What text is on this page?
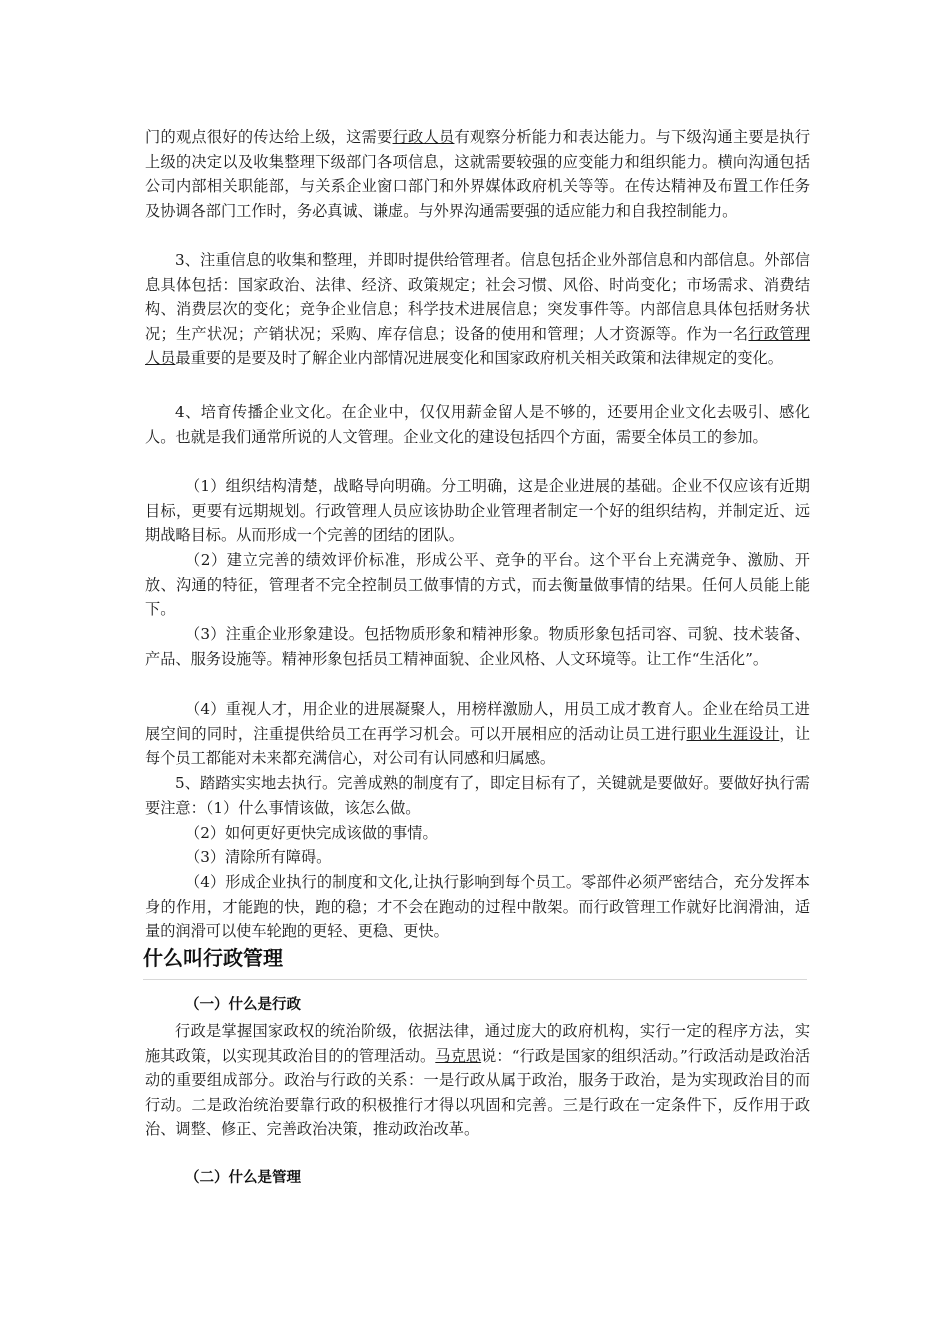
门的观点很好的传达给上级，这需要行政人员有观察分析能力和表达能力。与下级沟通主要是执行上级的决定以及收集整理下级部门各项信息，这就需要较强的应变能力和组织能力。横向沟通包括公司内部相关职能部，与关系企业窗口部门和外界媒体政府机关等等。在传达精神及布置工作任务及协调各部门工作时，务必真诚、谦虚。与外界沟通需要强的适应能力和自我控制能力。

3、注重信息的收集和整理，并即时提供给管理者。信息包括企业外部信息和内部信息。外部信息具体包括：国家政治、法律、经济、政策规定；社会习惯、风俗、时尚变化；市场需求、消费结构、消费层次的变化；竞争企业信息；科学技术进展信息；突发事件等。内部信息具体包括财务状况；生产状况；产销状况；采购、库存信息；设备的使用和管理；人才资源等。作为一名行政管理人员最重要的是要及时了解企业内部情况进展变化和国家政府机关相关政策和法律规定的变化。

4、培育传播企业文化。在企业中，仅仅用薪金留人是不够的，还要用企业文化去吸引、感化人。也就是我们通常所说的人文管理。企业文化的建设包括四个方面，需要全体员工的参加。

（1）组织结构清楚，战略导向明确。分工明确，这是企业进展的基础。企业不仅应该有近期目标，更要有远期规划。行政管理人员应该协助企业管理者制定一个好的组织结构，并制定近、远期战略目标。从而形成一个完善的团结的团队。

（2）建立完善的绩效评价标准，形成公平、竞争的平台。这个平台上充满竞争、激励、开放、沟通的特征，管理者不完全控制员工做事情的方式，而去衡量做事情的结果。任何人员能上能下。

（3）注重企业形象建设。包括物质形象和精神形象。物质形象包括司容、司貌、技术装备、产品、服务设施等。精神形象包括员工精神面貌、企业风格、人文环境等。让工作“生活化”。

（4）重视人才，用企业的进展凝聚人，用榜样激励人，用员工成才教育人。企业在给员工进展空间的同时，注重提供给员工在再学习机会。可以开展相应的活动让员工进行职业生涯设计，让每个员工都能对未来都充满信心，对公司有认同感和归属感。

5、踏踏实实地去执行。完善成熟的制度有了，即定目标有了，关键就是要做好。要做好执行需要注意：（1）什么事情该做，该怎么做。

（2）如何更好更快完成该做的事情。

（3）清除所有障碍。

（4）形成企业执行的制度和文化,让执行影响到每个员工。零部件必须严密结合，充分发挥本身的作用，才能跑的快，跑的稳；才不会在跑动的过程中散架。而行政管理工作就好比润滑油，适量的润滑可以使车轮跑的更轻、更稳、更快。

什么叫行政管理

（一）什么是行政

行政是掌握国家政权的统治阶级，依据法律，通过庞大的政府机构，实行一定的程序方法，实施其政策，以实现其政治目的的管理活动。马克思说：“行政是国家的组织活动。”行政活动是政治活动的重要组成部分。政治与行政的关系：一是行政从属于政治，服务于政治，是为实现政治目的而行动。二是政治统治要靠行政的积极推行才得以巩固和完善。三是行政在一定条件下，反作用于政治、调整、修正、完善政治决策，推动政治改革。

（二）什么是管理
